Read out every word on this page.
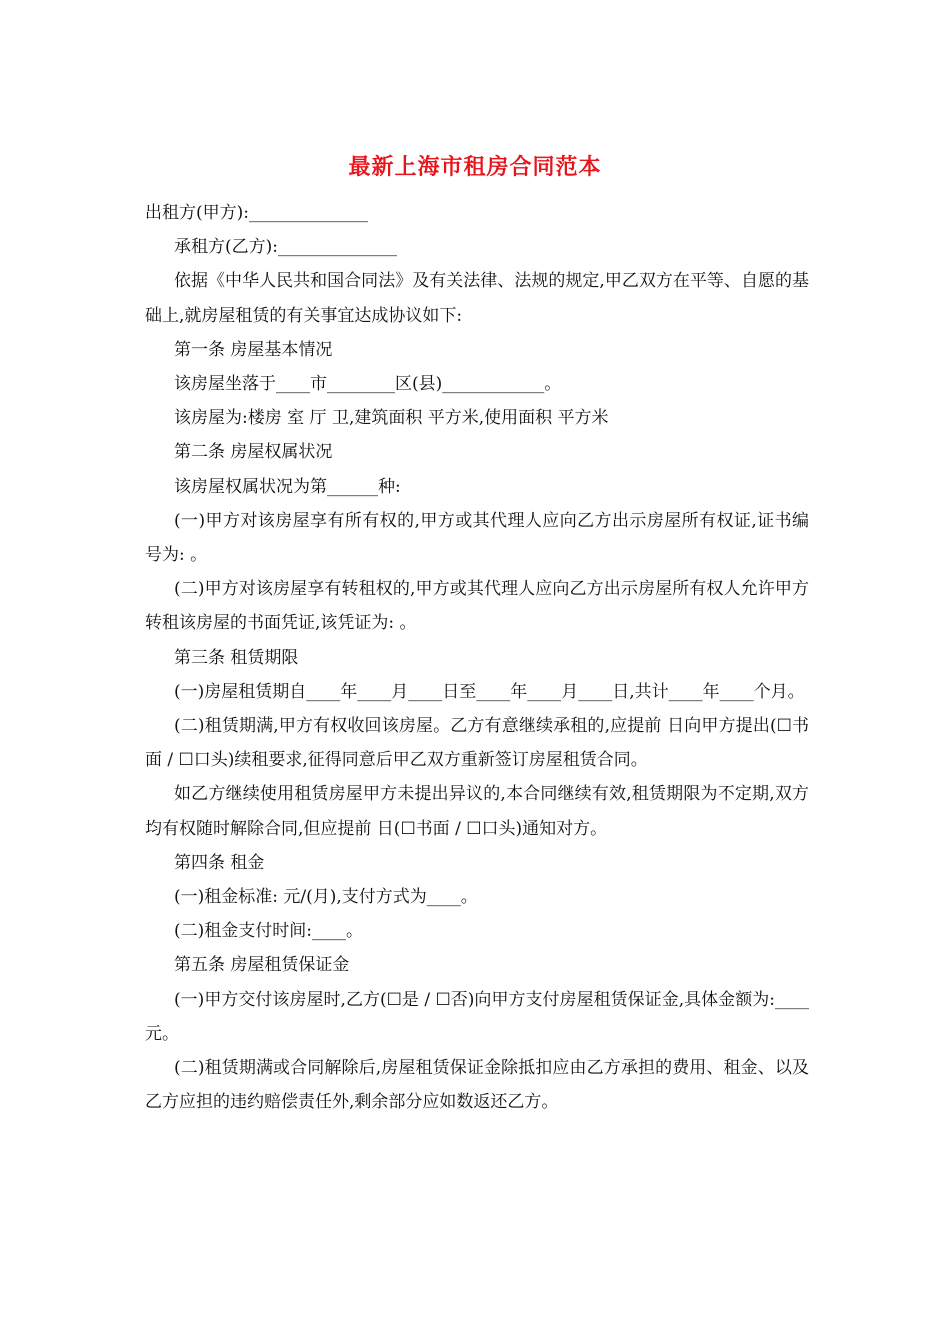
最新上海市租房合同范本

出租方(甲方):______________

承租方(乙方):______________

依据《中华人民共和国合同法》及有关法律、法规的规定,甲乙双方在平等、自愿的基础上,就房屋租赁的有关事宜达成协议如下:

第一条 房屋基本情况

该房屋坐落于____市________区(县)____________。

该房屋为:楼房 室 厅 卫,建筑面积 平方米,使用面积 平方米

第二条 房屋权属状况

该房屋权属状况为第______种:

(一)甲方对该房屋享有所有权的,甲方或其代理人应向乙方出示房屋所有权证,证书编号为: 。

(二)甲方对该房屋享有转租权的,甲方或其代理人应向乙方出示房屋所有权人允许甲方转租该房屋的书面凭证,该凭证为: 。

第三条 租赁期限

(一)房屋租赁期自____年____月____日至____年____月____日,共计____年____个月。

(二)租赁期满,甲方有权收回该房屋。乙方有意继续承租的,应提前 日向甲方提出(☐书面 / ☐口头)续租要求,征得同意后甲乙双方重新签订房屋租赁合同。

如乙方继续使用租赁房屋甲方未提出异议的,本合同继续有效,租赁期限为不定期,双方均有权随时解除合同,但应提前 日(☐书面 / ☐口头)通知对方。

第四条 租金

(一)租金标准: 元/(月),支付方式为____。

(二)租金支付时间:____。

第五条 房屋租赁保证金

(一)甲方交付该房屋时,乙方(☐是 / ☐否)向甲方支付房屋租赁保证金,具体金额为:____元。

(二)租赁期满或合同解除后,房屋租赁保证金除抵扣应由乙方承担的费用、租金、以及乙方应担的违约赔偿责任外,剩余部分应如数返还乙方。
